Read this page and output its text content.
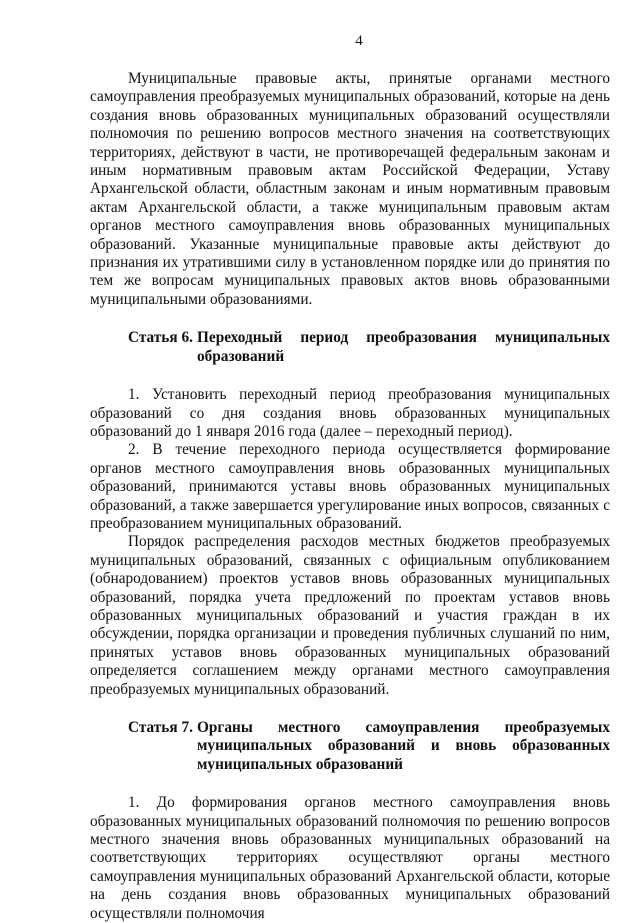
4

Муниципальные правовые акты, принятые органами местного самоуправления преобразуемых муниципальных образований, которые на день создания вновь образованных муниципальных образований осуществляли полномочия по решению вопросов местного значения на соответствующих территориях, действуют в части, не противоречащей федеральным законам и иным нормативным правовым актам Российской Федерации, Уставу Архангельской области, областным законам и иным нормативным правовым актам Архангельской области, а также муниципальным правовым актам органов местного самоуправления вновь образованных муниципальных образований. Указанные муниципальные правовые акты действуют до признания их утратившими силу в установленном порядке или до принятия по тем же вопросам муниципальных правовых актов вновь образованными муниципальными образованиями.

Статья 6. Переходный период преобразования муниципальных образований

1. Установить переходный период преобразования муниципальных образований со дня создания вновь образованных муниципальных образований до 1 января 2016 года (далее – переходный период).

2. В течение переходного периода осуществляется формирование органов местного самоуправления вновь образованных муниципальных образований, принимаются уставы вновь образованных муниципальных образований, а также завершается урегулирование иных вопросов, связанных с преобразованием муниципальных образований.

Порядок распределения расходов местных бюджетов преобразуемых муниципальных образований, связанных с официальным опубликованием (обнародованием) проектов уставов вновь образованных муниципальных образований, порядка учета предложений по проектам уставов вновь образованных муниципальных образований и участия граждан в их обсуждении, порядка организации и проведения публичных слушаний по ним, принятых уставов вновь образованных муниципальных образований определяется соглашением между органами местного самоуправления преобразуемых муниципальных образований.

Статья 7. Органы местного самоуправления преобразуемых муниципальных образований и вновь образованных муниципальных образований

1. До формирования органов местного самоуправления вновь образованных муниципальных образований полномочия по решению вопросов местного значения вновь образованных муниципальных образований на соответствующих территориях осуществляют органы местного самоуправления муниципальных образований Архангельской области, которые на день создания вновь образованных муниципальных образований осуществляли полномочия
